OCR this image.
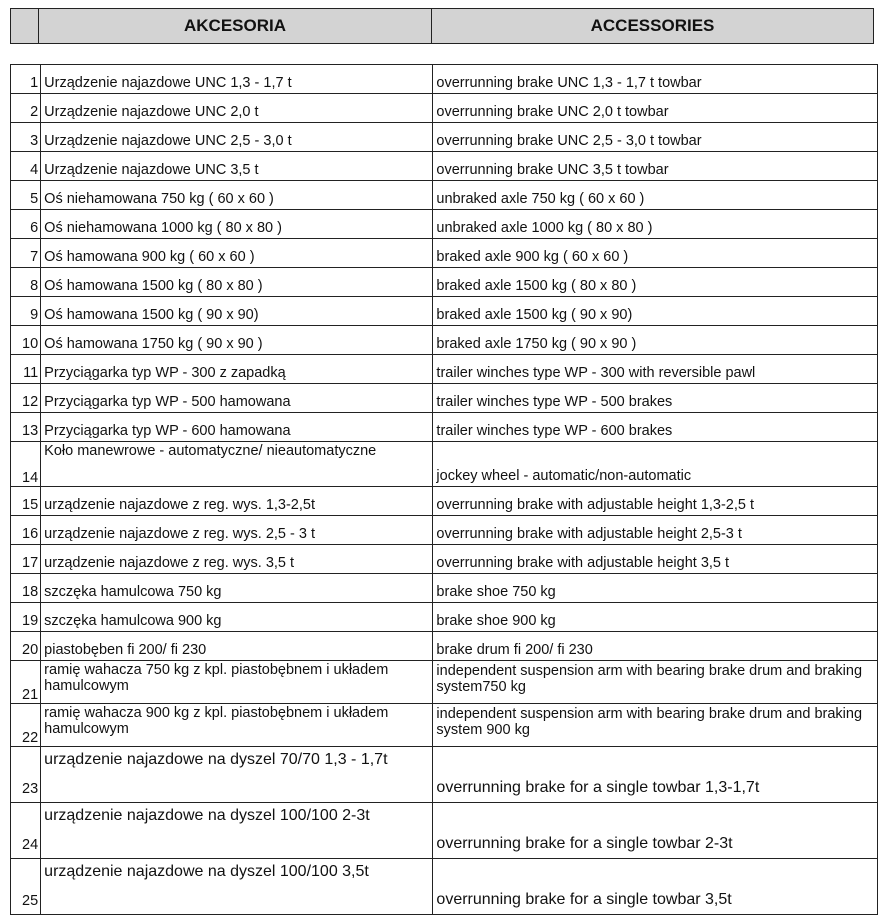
	AKCESORIA	ACCESSORIES
1	Urządzenie najazdowe UNC 1,3 - 1,7 t	overrunning brake UNC 1,3 - 1,7 t towbar
2	Urządzenie najazdowe UNC 2,0 t	overrunning brake UNC 2,0 t towbar
3	Urządzenie najazdowe UNC 2,5 - 3,0 t	overrunning brake UNC 2,5 - 3,0 t towbar
4	Urządzenie najazdowe UNC 3,5 t	overrunning brake UNC 3,5 t towbar
5	Oś niehamowana 750 kg ( 60 x 60 )	unbraked axle 750 kg ( 60 x 60 )
6	Oś niehamowana 1000 kg ( 80 x 80 )	unbraked axle 1000 kg ( 80 x 80 )
7	Oś hamowana 900 kg ( 60 x 60 )	braked axle 900 kg ( 60 x 60 )
8	Oś hamowana 1500 kg ( 80 x 80 )	braked axle 1500 kg ( 80 x 80 )
9	Oś hamowana 1500 kg ( 90 x 90)	braked axle 1500 kg ( 90 x 90)
10	Oś hamowana 1750 kg ( 90 x 90 )	braked axle 1750 kg ( 90 x 90 )
11	Przyciągarka typ WP - 300 z zapadką	trailer winches type WP - 300 with reversible pawl
12	Przyciągarka typ WP - 500 hamowana	trailer winches type WP - 500 brakes
13	Przyciągarka typ WP - 600 hamowana	trailer winches type WP - 600 brakes
14	Koło manewrowe - automatyczne/ nieautomatyczne	jockey wheel - automatic/non-automatic
15	urządzenie najazdowe z reg. wys. 1,3-2,5t	overrunning brake with adjustable height 1,3-2,5 t
16	urządzenie najazdowe z reg. wys. 2,5 - 3 t	overrunning brake with adjustable height 2,5-3 t
17	urządzenie najazdowe z reg. wys. 3,5 t	overrunning brake with adjustable height 3,5 t
18	szczęka hamulcowa 750 kg	brake shoe 750 kg
19	szczęka hamulcowa 900 kg	brake shoe 900 kg
20	piastobęben fi 200/ fi 230	brake drum fi 200/ fi 230
21	ramię wahacza 750 kg z kpl. piastobębnem i układem hamulcowym	independent suspension arm with bearing brake drum and braking system750 kg
22	ramię wahacza 900 kg z kpl. piastobębnem i układem hamulcowym	independent suspension arm with bearing brake drum and braking system 900 kg
23	urządzenie najazdowe na dyszel 70/70 1,3 - 1,7t	overrunning brake for a single towbar 1,3-1,7t
24	urządzenie najazdowe na dyszel 100/100 2-3t	overrunning brake for a single towbar 2-3t
25	urządzenie najazdowe na dyszel 100/100 3,5t	overrunning brake for a single towbar 3,5t
